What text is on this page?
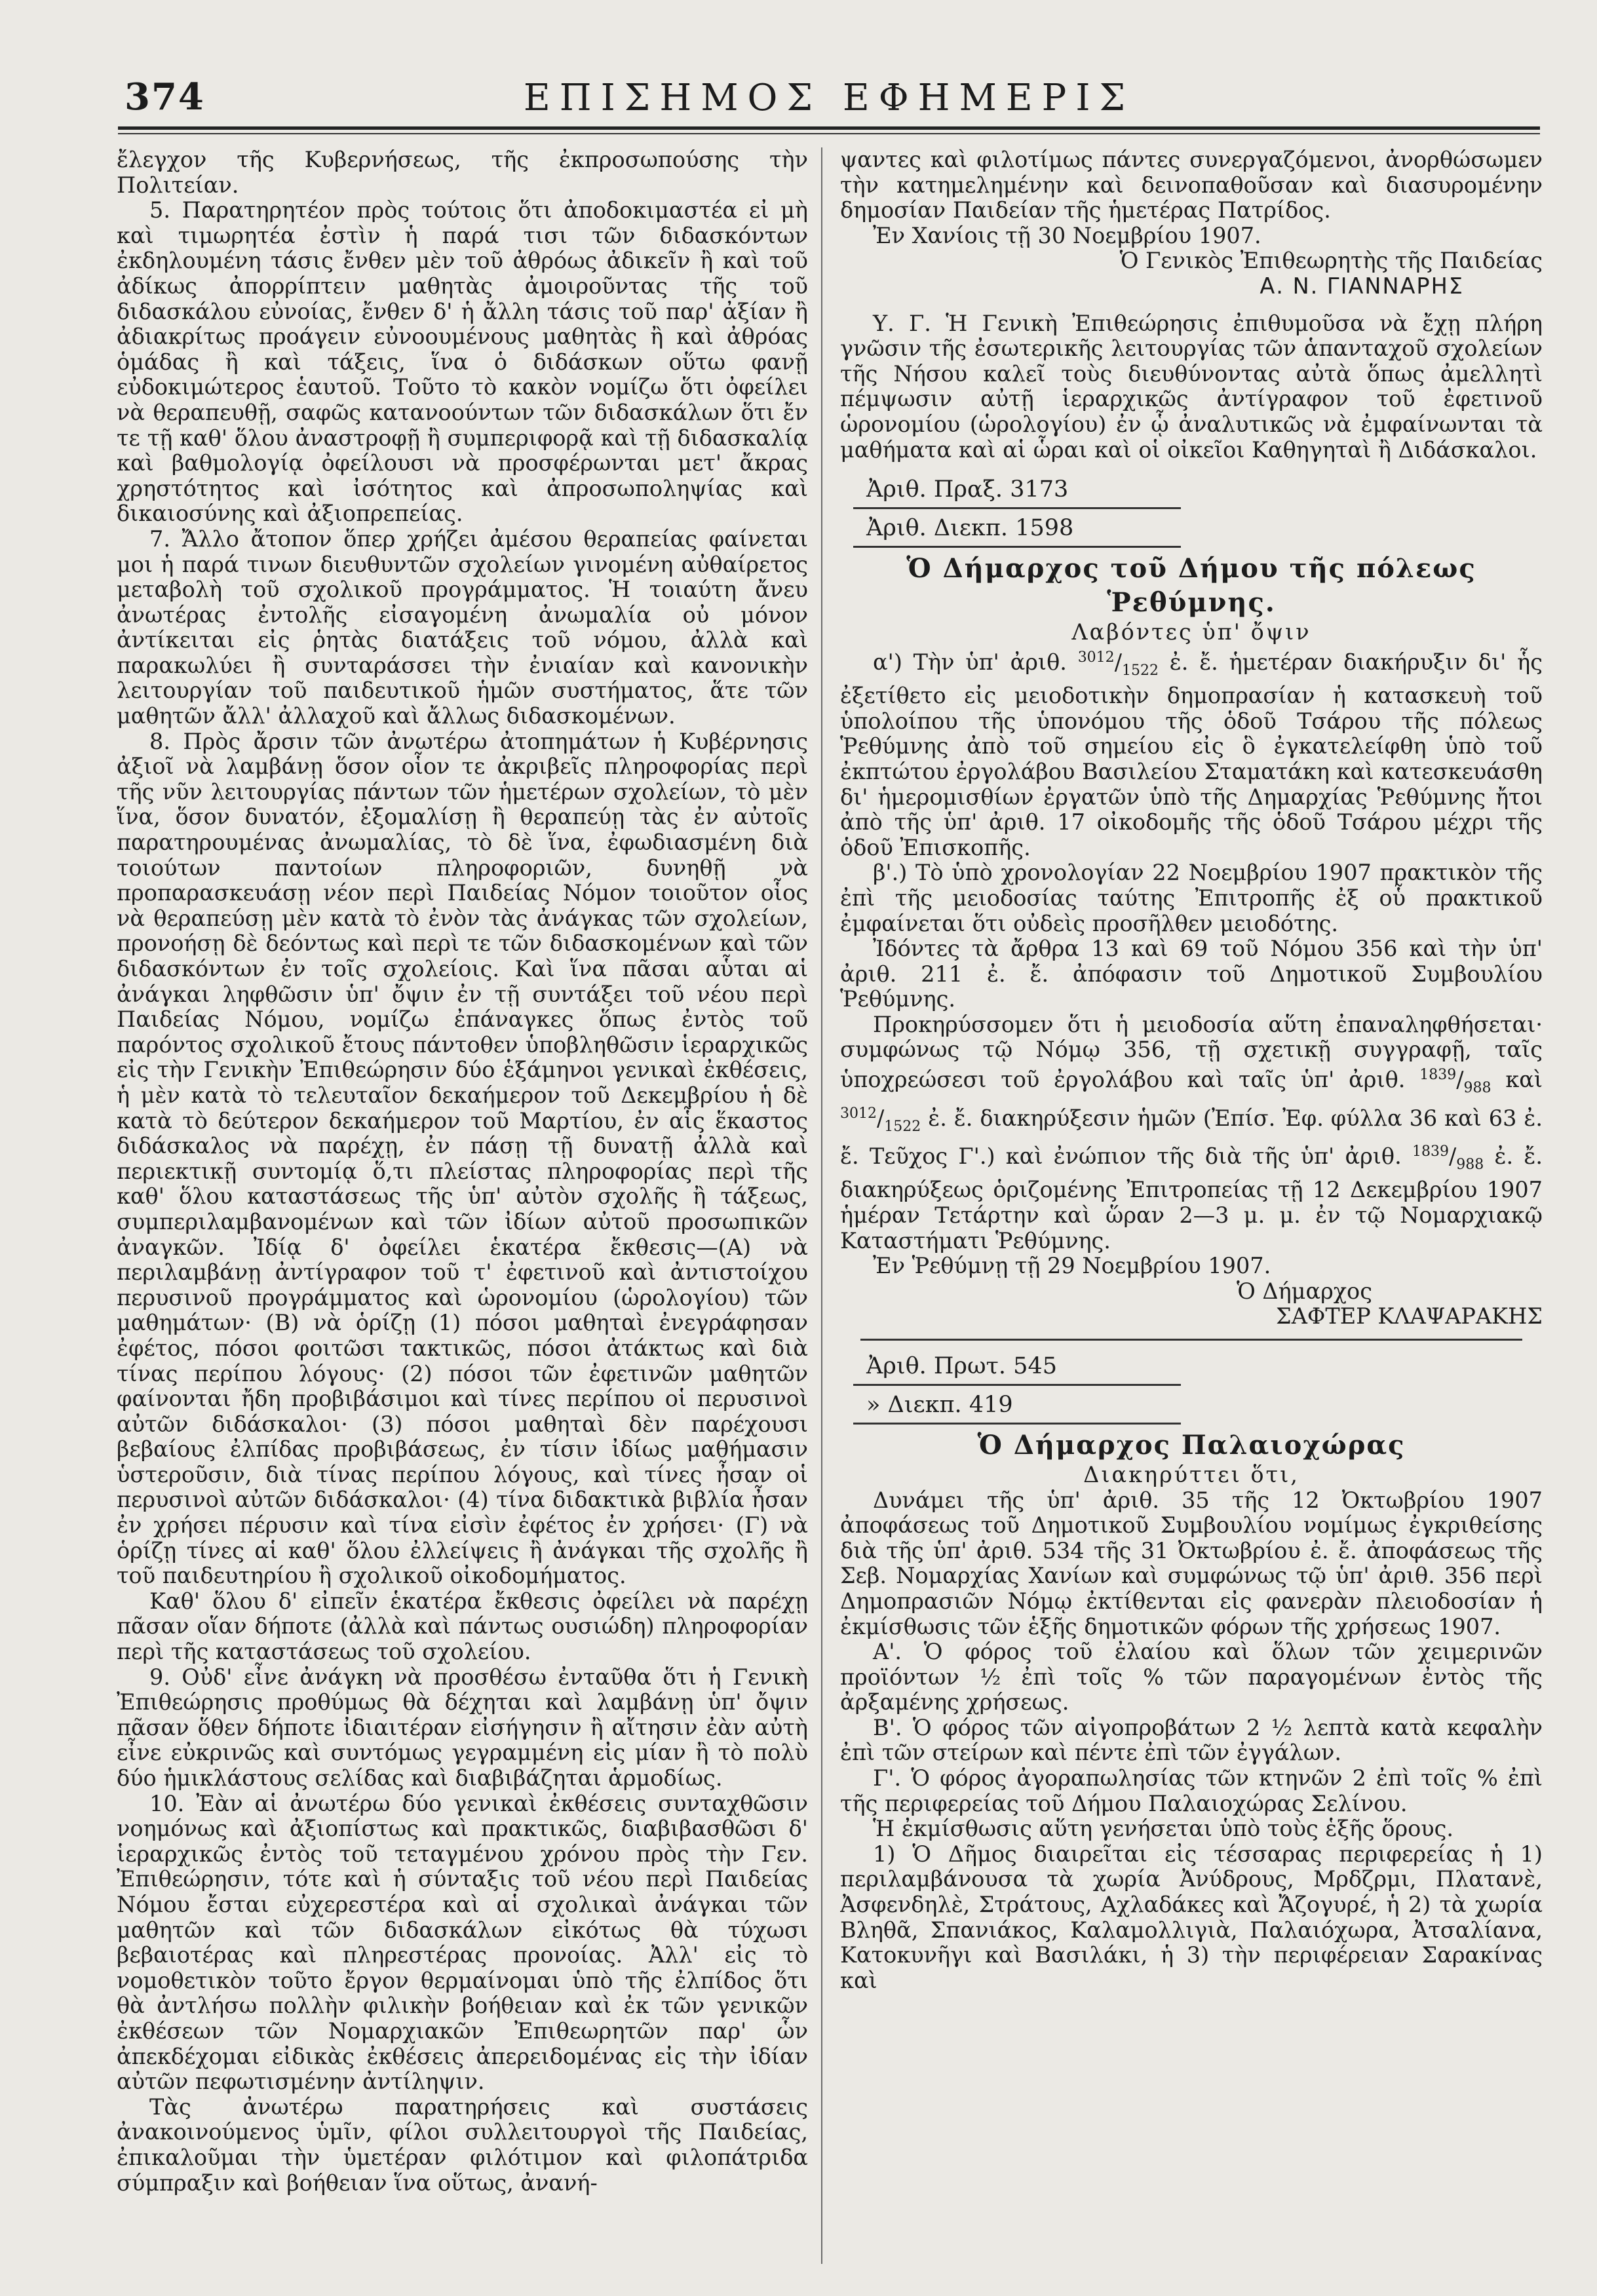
374	ΕΠΙΣΗΜΟΣ ΕΦΗΜΕΡΙΣ

ἔλεγχον τῆς Κυβερνήσεως, τῆς ἐκπροσωπούσης τὴν Πολιτείαν.

5. Παρατηρητέον πρὸς τούτοις ὅτι ἀποδοκιμαστέα εἰ μὴ καὶ τιμωρητέα ἐστὶν ἡ παρά τισι τῶν διδασκόντων ἐκδηλουμένη τάσις ἔνθεν μὲν τοῦ ἀθρόως ἀδικεῖν ἢ καὶ τοῦ ἀδίκως ἀπορρίπτειν μαθητὰς ἀμοιροῦντας τῆς τοῦ διδασκάλου εὐνοίας, ἔνθεν δ' ἡ ἄλλη τάσις τοῦ παρ' ἀξίαν ἢ ἀδιακρίτως προάγειν εὐνοουμένους μαθητὰς ἢ καὶ ἀθρόας ὁμάδας ἢ καὶ τάξεις, ἵνα ὁ διδάσκων οὕτω φανῇ εὐδοκιμώτερος ἑαυτοῦ. Τοῦτο τὸ κακὸν νομίζω ὅτι ὀφείλει νὰ θεραπευθῇ, σαφῶς κατανοούντων τῶν διδασκάλων ὅτι ἔν τε τῇ καθ' ὅλου ἀναστροφῇ ἢ συμπεριφορᾷ καὶ τῇ διδασκαλίᾳ καὶ βαθμολογίᾳ ὀφείλουσι νὰ προσφέρωνται μετ' ἄκρας χρηστότητος καὶ ἰσότητος καὶ ἀπροσωποληψίας καὶ δικαιοσύνης καὶ ἀξιοπρεπείας.

7. Ἄλλο ἄτοπον ὅπερ χρήζει ἀμέσου θεραπείας φαίνεται μοι ἡ παρά τινων διευθυντῶν σχολείων γινομένη αὐθαίρετος μεταβολὴ τοῦ σχολικοῦ προγράμματος. Ἡ τοιαύτη ἄνευ ἀνωτέρας ἐντολῆς εἰσαγομένη ἀνωμαλία οὐ μόνον ἀντίκειται εἰς ῥητὰς διατάξεις τοῦ νόμου, ἀλλὰ καὶ παρακωλύει ἢ συνταράσσει τὴν ἐνιαίαν καὶ κανονικὴν λειτουργίαν τοῦ παιδευτικοῦ ἡμῶν συστήματος, ἅτε τῶν μαθητῶν ἄλλ' ἀλλαχοῦ καὶ ἄλλως διδασκομένων.

8. Πρὸς ἄρσιν τῶν ἀνωτέρω ἀτοπημάτων ἡ Κυβέρνησις ἀξιοῖ νὰ λαμβάνῃ ὅσον οἷον τε ἀκριβεῖς πληροφορίας περὶ τῆς νῦν λειτουργίας πάντων τῶν ἡμετέρων σχολείων, τὸ μὲν ἵνα, ὅσον δυνατόν, ἐξομαλίσῃ ἢ θεραπεύῃ τὰς ἐν αὐτοῖς παρατηρουμένας ἀνωμαλίας, τὸ δὲ ἵνα, ἐφωδιασμένη διὰ τοιούτων παντοίων πληροφοριῶν, δυνηθῇ νὰ προπαρασκευάσῃ νέον περὶ Παιδείας Νόμον τοιοῦτον οἷος νὰ θεραπεύσῃ μὲν κατὰ τὸ ἐνὸν τὰς ἀνάγκας τῶν σχολείων, προνοήσῃ δὲ δεόντως καὶ περὶ τε τῶν διδασκομένων καὶ τῶν διδασκόντων ἐν τοῖς σχολείοις. Καὶ ἵνα πᾶσαι αὗται αἱ ἀνάγκαι ληφθῶσιν ὑπ' ὄψιν ἐν τῇ συντάξει τοῦ νέου περὶ Παιδείας Νόμου, νομίζω ἐπάναγκες ὅπως ἐντὸς τοῦ παρόντος σχολικοῦ ἔτους πάντοθεν ὑποβληθῶσιν ἱεραρχικῶς εἰς τὴν Γενικὴν Ἐπιθεώρησιν δύο ἑξάμηνοι γενικαὶ ἐκθέσεις, ἡ μὲν κατὰ τὸ τελευταῖον δεκαήμερον τοῦ Δεκεμβρίου ἡ δὲ κατὰ τὸ δεύτερον δεκαήμερον τοῦ Μαρτίου, ἐν αἷς ἕκαστος διδάσκαλος νὰ παρέχῃ, ἐν πάσῃ τῇ δυνατῇ ἀλλὰ καὶ περιεκτικῇ συντομίᾳ ὅ,τι πλείστας πληροφορίας περὶ τῆς καθ' ὅλου καταστάσεως τῆς ὑπ' αὐτὸν σχολῆς ἢ τάξεως, συμπεριλαμβανομένων καὶ τῶν ἰδίων αὐτοῦ προσωπικῶν ἀναγκῶν. Ἰδίᾳ δ' ὀφείλει ἑκατέρα ἔκθεσις—(Α) νὰ περιλαμβάνῃ ἀντίγραφον τοῦ τ' ἐφετινοῦ καὶ ἀντιστοίχου περυσινοῦ προγράμματος καὶ ὡρονομίου (ὡρολογίου) τῶν μαθημάτων· (Β) νὰ ὁρίζῃ (1) πόσοι μαθηταὶ ἐνεγράφησαν ἐφέτος, πόσοι φοιτῶσι τακτικῶς, πόσοι ἀτάκτως καὶ διὰ τίνας περίπου λόγους· (2) πόσοι τῶν ἐφετινῶν μαθητῶν φαίνονται ἤδη προβιβάσιμοι καὶ τίνες περίπου οἱ περυσινοὶ αὐτῶν διδάσκαλοι· (3) πόσοι μαθηταὶ δὲν παρέχουσι βεβαίους ἐλπίδας προβιβάσεως, ἐν τίσιν ἰδίως μαθήμασιν ὑστεροῦσιν, διὰ τίνας περίπου λόγους, καὶ τίνες ἦσαν οἱ περυσινοὶ αὐτῶν διδάσκαλοι· (4) τίνα διδακτικὰ βιβλία ἦσαν ἐν χρήσει πέρυσιν καὶ τίνα εἰσὶν ἐφέτος ἐν χρήσει· (Γ) νὰ ὁρίζῃ τίνες αἱ καθ' ὅλου ἐλλείψεις ἢ ἀνάγκαι τῆς σχολῆς ἢ τοῦ παιδευτηρίου ἢ σχολικοῦ οἰκοδομήματος.

Καθ' ὅλου δ' εἰπεῖν ἑκατέρα ἔκθεσις ὀφείλει νὰ παρέχῃ πᾶσαν οἵαν δήποτε (ἀλλὰ καὶ πάντως ουσιώδη) πληροφορίαν περὶ τῆς καταστάσεως τοῦ σχολείου.

9. Οὐδ' εἶνε ἀνάγκη νὰ προσθέσω ἐνταῦθα ὅτι ἡ Γενικὴ Ἐπιθεώρησις προθύμως θὰ δέχηται καὶ λαμβάνῃ ὑπ' ὄψιν πᾶσαν ὅθεν δήποτε ἰδιαιτέραν εἰσήγησιν ἢ αἴτησιν ἐὰν αὐτὴ εἶνε εὐκρινῶς καὶ συντόμως γεγραμμένη εἰς μίαν ἢ τὸ πολὺ δύο ἡμικλάστους σελίδας καὶ διαβιβάζηται ἁρμοδίως.

10. Ἐὰν αἱ ἀνωτέρω δύο γενικαὶ ἐκθέσεις συνταχθῶσιν νοημόνως καὶ ἀξιοπίστως καὶ πρακτικῶς, διαβιβασθῶσι δ' ἱεραρχικῶς ἐντὸς τοῦ τεταγμένου χρόνου πρὸς τὴν Γεν. Ἐπιθεώρησιν, τότε καὶ ἡ σύνταξις τοῦ νέου περὶ Παιδείας Νόμου ἔσται εὐχερεστέρα καὶ αἱ σχολικαὶ ἀνάγκαι τῶν μαθητῶν καὶ τῶν διδασκάλων εἰκότως θὰ τύχωσι βεβαιοτέρας καὶ πληρεστέρας προνοίας. Ἀλλ' εἰς τὸ νομοθετικὸν τοῦτο ἔργον θερμαίνομαι ὑπὸ τῆς ἐλπίδος ὅτι θὰ ἀντλήσω πολλὴν φιλικὴν βοήθειαν καὶ ἐκ τῶν γενικῶν ἐκθέσεων τῶν Νομαρχιακῶν Ἐπιθεωρητῶν παρ' ὧν ἀπεκδέχομαι εἰδικὰς ἐκθέσεις ἀπερειδομένας εἰς τὴν ἰδίαν αὐτῶν πεφωτισμένην ἀντίληψιν.

Τὰς ἀνωτέρω παρατηρήσεις καὶ συστάσεις ἀνακοινούμενος ὑμῖν, φίλοι συλλειτουργοὶ τῆς Παιδείας, ἐπικαλοῦμαι τὴν ὑμετέραν φιλότιμον καὶ φιλοπάτριδα σύμπραξιν καὶ βοήθειαν ἵνα οὕτως, ἀνανή-

ψαντες καὶ φιλοτίμως πάντες συνεργαζόμενοι, ἀνορθώσωμεν τὴν κατημελημένην καὶ δεινοπαθοῦσαν καὶ διασυρομένην δημοσίαν Παιδείαν τῆς ἡμετέρας Πατρίδος.

Ἐν Χανίοις τῇ 30 Νοεμβρίου 1907.

Ὁ Γενικὸς Ἐπιθεωρητὴς τῆς Παιδείας

Α. Ν. ΓΙΑΝΝΑΡΗΣ

Υ. Γ. Ἡ Γενικὴ Ἐπιθεώρησις ἐπιθυμοῦσα νὰ ἔχῃ πλήρη γνῶσιν τῆς ἐσωτερικῆς λειτουργίας τῶν ἁπανταχοῦ σχολείων τῆς Νήσου καλεῖ τοὺς διευθύνοντας αὐτὰ ὅπως ἀμελλητὶ πέμψωσιν αὐτῇ ἱεραρχικῶς ἀντίγραφον τοῦ ἐφετινοῦ ὡρονομίου (ὡρολογίου) ἐν ᾧ ἀναλυτικῶς νὰ ἐμφαίνωνται τὰ μαθήματα καὶ αἱ ὧραι καὶ οἱ οἰκεῖοι Καθηγηταὶ ἢ Διδάσκαλοι.

Ἀριθ. Πραξ. 3173

Ἀριθ. Διεκπ. 1598

Ὁ Δήμαρχος τοῦ Δήμου τῆς πόλεως

Ῥεθύμνης.

Λαβόντες ὑπ' ὄψιν

α') Τὴν ὑπ' ἀριθ. $^{3012}/_{1522}$ ἐ. ἔ. ἡμετέραν διακήρυξιν δι' ἧς ἐξετίθετο εἰς μειοδοτικὴν δημοπρασίαν ἡ κατασκευὴ τοῦ ὑπολοίπου τῆς ὑπονόμου τῆς ὁδοῦ Τσάρου τῆς πόλεως Ῥεθύμνης ἀπὸ τοῦ σημείου εἰς ὃ ἐγκατελείφθη ὑπὸ τοῦ ἐκπτώτου ἐργολάβου Βασιλείου Σταματάκη καὶ κατεσκευάσθη δι' ἡμερομισθίων ἐργατῶν ὑπὸ τῆς Δημαρχίας Ῥεθύμνης ἤτοι ἀπὸ τῆς ὑπ' ἀριθ. 17 οἰκοδομῆς τῆς ὁδοῦ Τσάρου μέχρι τῆς ὁδοῦ Ἐπισκοπῆς.

β'.) Τὸ ὑπὸ χρονολογίαν 22 Νοεμβρίου 1907 πρακτικὸν τῆς ἐπὶ τῆς μειοδοσίας ταύτης Ἐπιτροπῆς ἐξ οὗ πρακτικοῦ ἐμφαίνεται ὅτι οὐδεὶς προσῆλθεν μειοδότης.

Ἰδόντες τὰ ἄρθρα 13 καὶ 69 τοῦ Νόμου 356 καὶ τὴν ὑπ' ἀριθ. 211 ἐ. ἔ. ἀπόφασιν τοῦ Δημοτικοῦ Συμβουλίου Ῥεθύμνης.

Προκηρύσσομεν ὅτι ἡ μειοδοσία αὕτη ἐπαναληφθήσεται· συμφώνως τῷ Νόμῳ 356, τῇ σχετικῇ συγγραφῇ, ταῖς ὑποχρεώσεσι τοῦ ἐργολάβου καὶ ταῖς ὑπ' ἀριθ. $^{1839}/_{988}$ καὶ $^{3012}/_{1522}$ ἐ. ἔ. διακηρύξεσιν ἡμῶν (Ἐπίσ. Ἐφ. φύλλα 36 καὶ 63 ἐ. ἔ. Τεῦχος Γ'.) καὶ ἐνώπιον τῆς διὰ τῆς ὑπ' ἀριθ. $^{1839}/_{988}$ ἐ. ἔ. διακηρύξεως ὁριζομένης Ἐπιτροπείας τῇ 12 Δεκεμβρίου 1907 ἡμέραν Τετάρτην καὶ ὥραν 2—3 μ. μ. ἐν τῷ Νομαρχιακῷ Καταστήματι Ῥεθύμνης.

Ἐν Ῥεθύμνῃ τῇ 29 Νοεμβρίου 1907.

Ὁ Δήμαρχος

ΣΑΦΤΕΡ ΚΛΑΨΑΡΑΚΗΣ

Ἀριθ. Πρωτ. 545

» Διεκπ. 419

Ὁ Δήμαρχος Παλαιοχώρας

Διακηρύττει ὅτι,

Δυνάμει τῆς ὑπ' ἀριθ. 35 τῆς 12 Ὀκτωβρίου 1907 ἀποφάσεως τοῦ Δημοτικοῦ Συμβουλίου νομίμως ἐγκριθείσης διὰ τῆς ὑπ' ἀριθ. 534 τῆς 31 Ὀκτωβρίου ἐ. ἔ. ἀποφάσεως τῆς Σεβ. Νομαρχίας Χανίων καὶ συμφώνως τῷ ὑπ' ἀριθ. 356 περὶ Δημοπρασιῶν Νόμῳ ἐκτίθενται εἰς φανερὰν πλειοδοσίαν ἡ ἐκμίσθωσις τῶν ἑξῆς δημοτικῶν φόρων τῆς χρήσεως 1907.

Α'. Ὁ φόρος τοῦ ἐλαίου καὶ ὅλων τῶν χειμερινῶν προϊόντων ½ ἐπὶ τοῖς % τῶν παραγομένων ἐντὸς τῆς ἀρξαμένης χρήσεως.

Β'. Ὁ φόρος τῶν αἰγοπροβάτων 2 ½ λεπτὰ κατὰ κεφαλὴν ἐπὶ τῶν στείρων καὶ πέντε ἐπὶ τῶν ἐγγάλων.

Γ'. Ὁ φόρος ἀγοραπωλησίας τῶν κτηνῶν 2 ἐπὶ τοῖς % ἐπὶ τῆς περιφερείας τοῦ Δήμου Παλαιοχώρας Σελίνου.

Ἡ ἐκμίσθωσις αὕτη γενήσεται ὑπὸ τοὺς ἑξῆς ὅρους.

1) Ὁ Δῆμος διαιρεῖται εἰς τέσσαρας περιφερείας ἡ 1) περιλαμβάνουσα τὰ χωρία Ἀνύδρους, Μρδζρμι, Πλατανὲ, Ἀσφενδηλὲ, Στράτους, Αχλαδάκες καὶ Ἄζογυρέ, ἡ 2) τὰ χωρία Βληθᾶ, Σπανιάκος, Καλαμολλιγιὰ, Παλαιόχωρα, Ἀτσαλίανα, Κατοκυνῆγι καὶ Βασιλάκι, ἡ 3) τὴν περιφέρειαν Σαρακίνας καὶ
